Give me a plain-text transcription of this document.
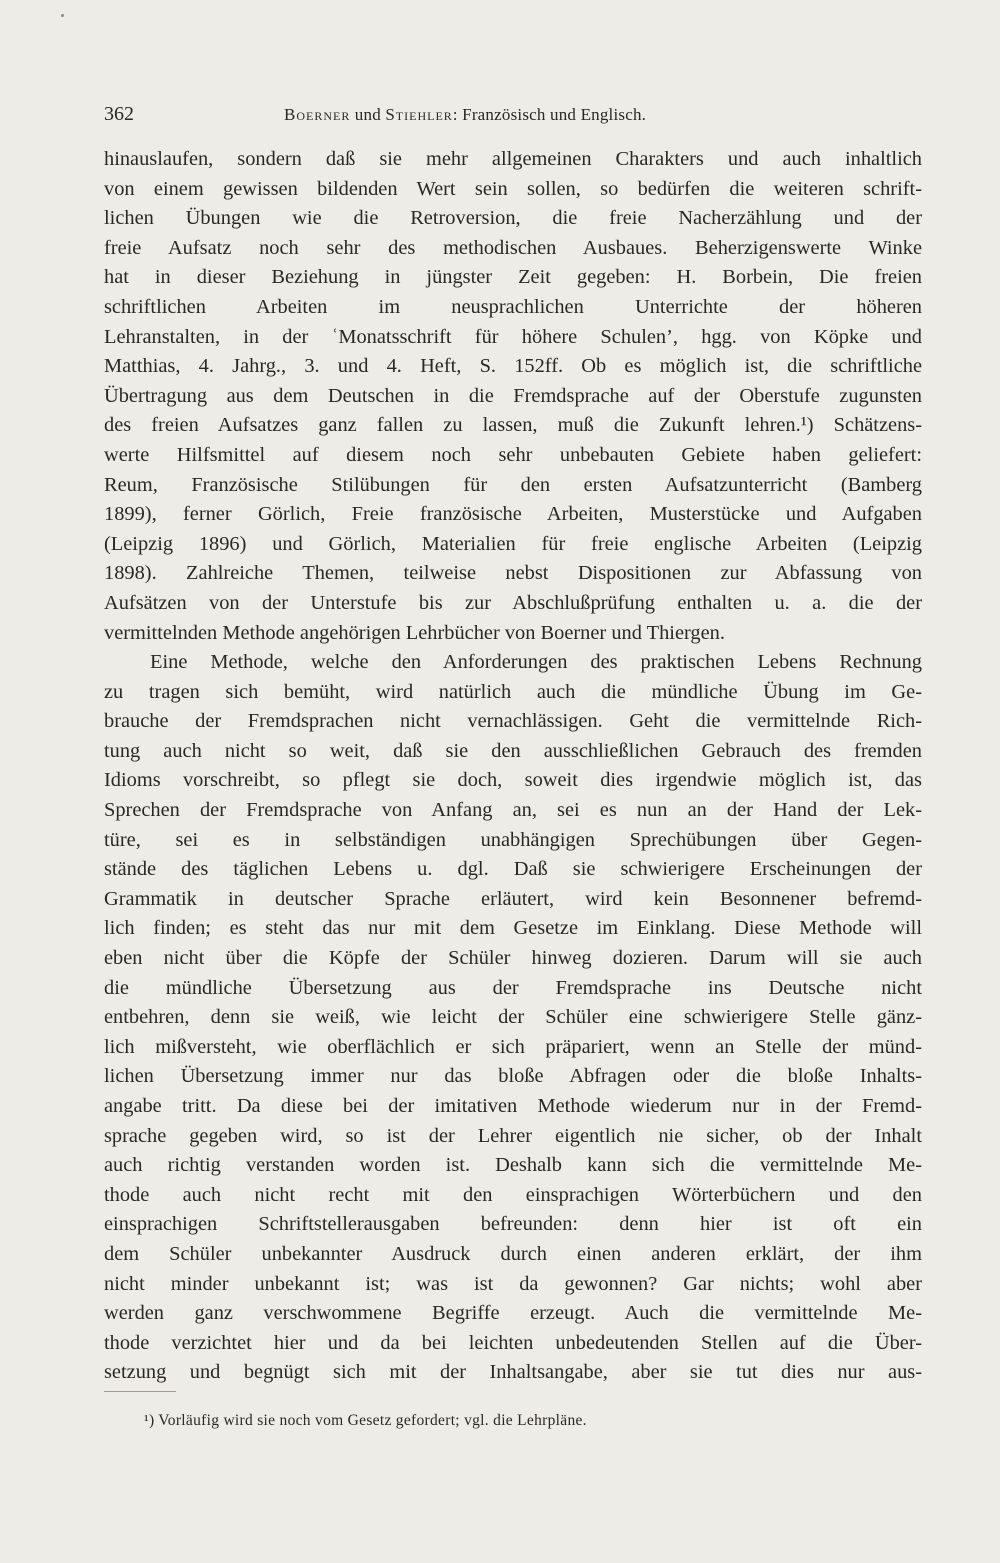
362	Boerner und Stiehler: Französisch und Englisch.
hinauslaufen, sondern daß sie mehr allgemeinen Charakters und auch inhaltlich
von einem gewissen bildenden Wert sein sollen, so bedürfen die weiteren schrift-
lichen Übungen wie die Retroversion, die freie Nacherzählung und der
freie Aufsatz noch sehr des methodischen Ausbaues. Beherzigenswerte Winke
hat in dieser Beziehung in jüngster Zeit gegeben: H. Borbein, Die freien
schriftlichen Arbeiten im neusprachlichen Unterrichte der höheren
Lehranstalten, in der ʿMonatsschrift für höhere Schulen’, hgg. von Köpke und
Matthias, 4. Jahrg., 3. und 4. Heft, S. 152ff. Ob es möglich ist, die schriftliche
Übertragung aus dem Deutschen in die Fremdsprache auf der Oberstufe zugunsten
des freien Aufsatzes ganz fallen zu lassen, muß die Zukunft lehren.¹) Schätzens-
werte Hilfsmittel auf diesem noch sehr unbebauten Gebiete haben geliefert:
Reum, Französische Stilübungen für den ersten Aufsatzunterricht (Bamberg
1899), ferner Görlich, Freie französische Arbeiten, Musterstücke und Aufgaben
(Leipzig 1896) und Görlich, Materialien für freie englische Arbeiten (Leipzig
1898). Zahlreiche Themen, teilweise nebst Dispositionen zur Abfassung von
Aufsätzen von der Unterstufe bis zur Abschlußprüfung enthalten u. a. die der
vermittelnden Methode angehörigen Lehrbücher von Boerner und Thiergen.
Eine Methode, welche den Anforderungen des praktischen Lebens Rechnung
zu tragen sich bemüht, wird natürlich auch die mündliche Übung im Ge-
brauche der Fremdsprachen nicht vernachlässigen. Geht die vermittelnde Rich-
tung auch nicht so weit, daß sie den ausschließlichen Gebrauch des fremden
Idioms vorschreibt, so pflegt sie doch, soweit dies irgendwie möglich ist, das
Sprechen der Fremdsprache von Anfang an, sei es nun an der Hand der Lek-
türe, sei es in selbständigen unabhängigen Sprechübungen über Gegen-
stände des täglichen Lebens u. dgl. Daß sie schwierigere Erscheinungen der
Grammatik in deutscher Sprache erläutert, wird kein Besonnener befremd-
lich finden; es steht das nur mit dem Gesetze im Einklang. Diese Methode will
eben nicht über die Köpfe der Schüler hinweg dozieren. Darum will sie auch
die mündliche Übersetzung aus der Fremdsprache ins Deutsche nicht
entbehren, denn sie weiß, wie leicht der Schüler eine schwierigere Stelle gänz-
lich mißversteht, wie oberflächlich er sich präpariert, wenn an Stelle der münd-
lichen Übersetzung immer nur das bloße Abfragen oder die bloße Inhalts-
angabe tritt. Da diese bei der imitativen Methode wiederum nur in der Fremd-
sprache gegeben wird, so ist der Lehrer eigentlich nie sicher, ob der Inhalt
auch richtig verstanden worden ist. Deshalb kann sich die vermittelnde Me-
thode auch nicht recht mit den einsprachigen Wörterbüchern und den
einsprachigen Schriftstellerausgaben befreunden: denn hier ist oft ein
dem Schüler unbekannter Ausdruck durch einen anderen erklärt, der ihm
nicht minder unbekannt ist; was ist da gewonnen? Gar nichts; wohl aber
werden ganz verschwommene Begriffe erzeugt. Auch die vermittelnde Me-
thode verzichtet hier und da bei leichten unbedeutenden Stellen auf die Über-
setzung und begnügt sich mit der Inhaltsangabe, aber sie tut dies nur aus-
¹) Vorläufig wird sie noch vom Gesetz gefordert; vgl. die Lehrpläne.
